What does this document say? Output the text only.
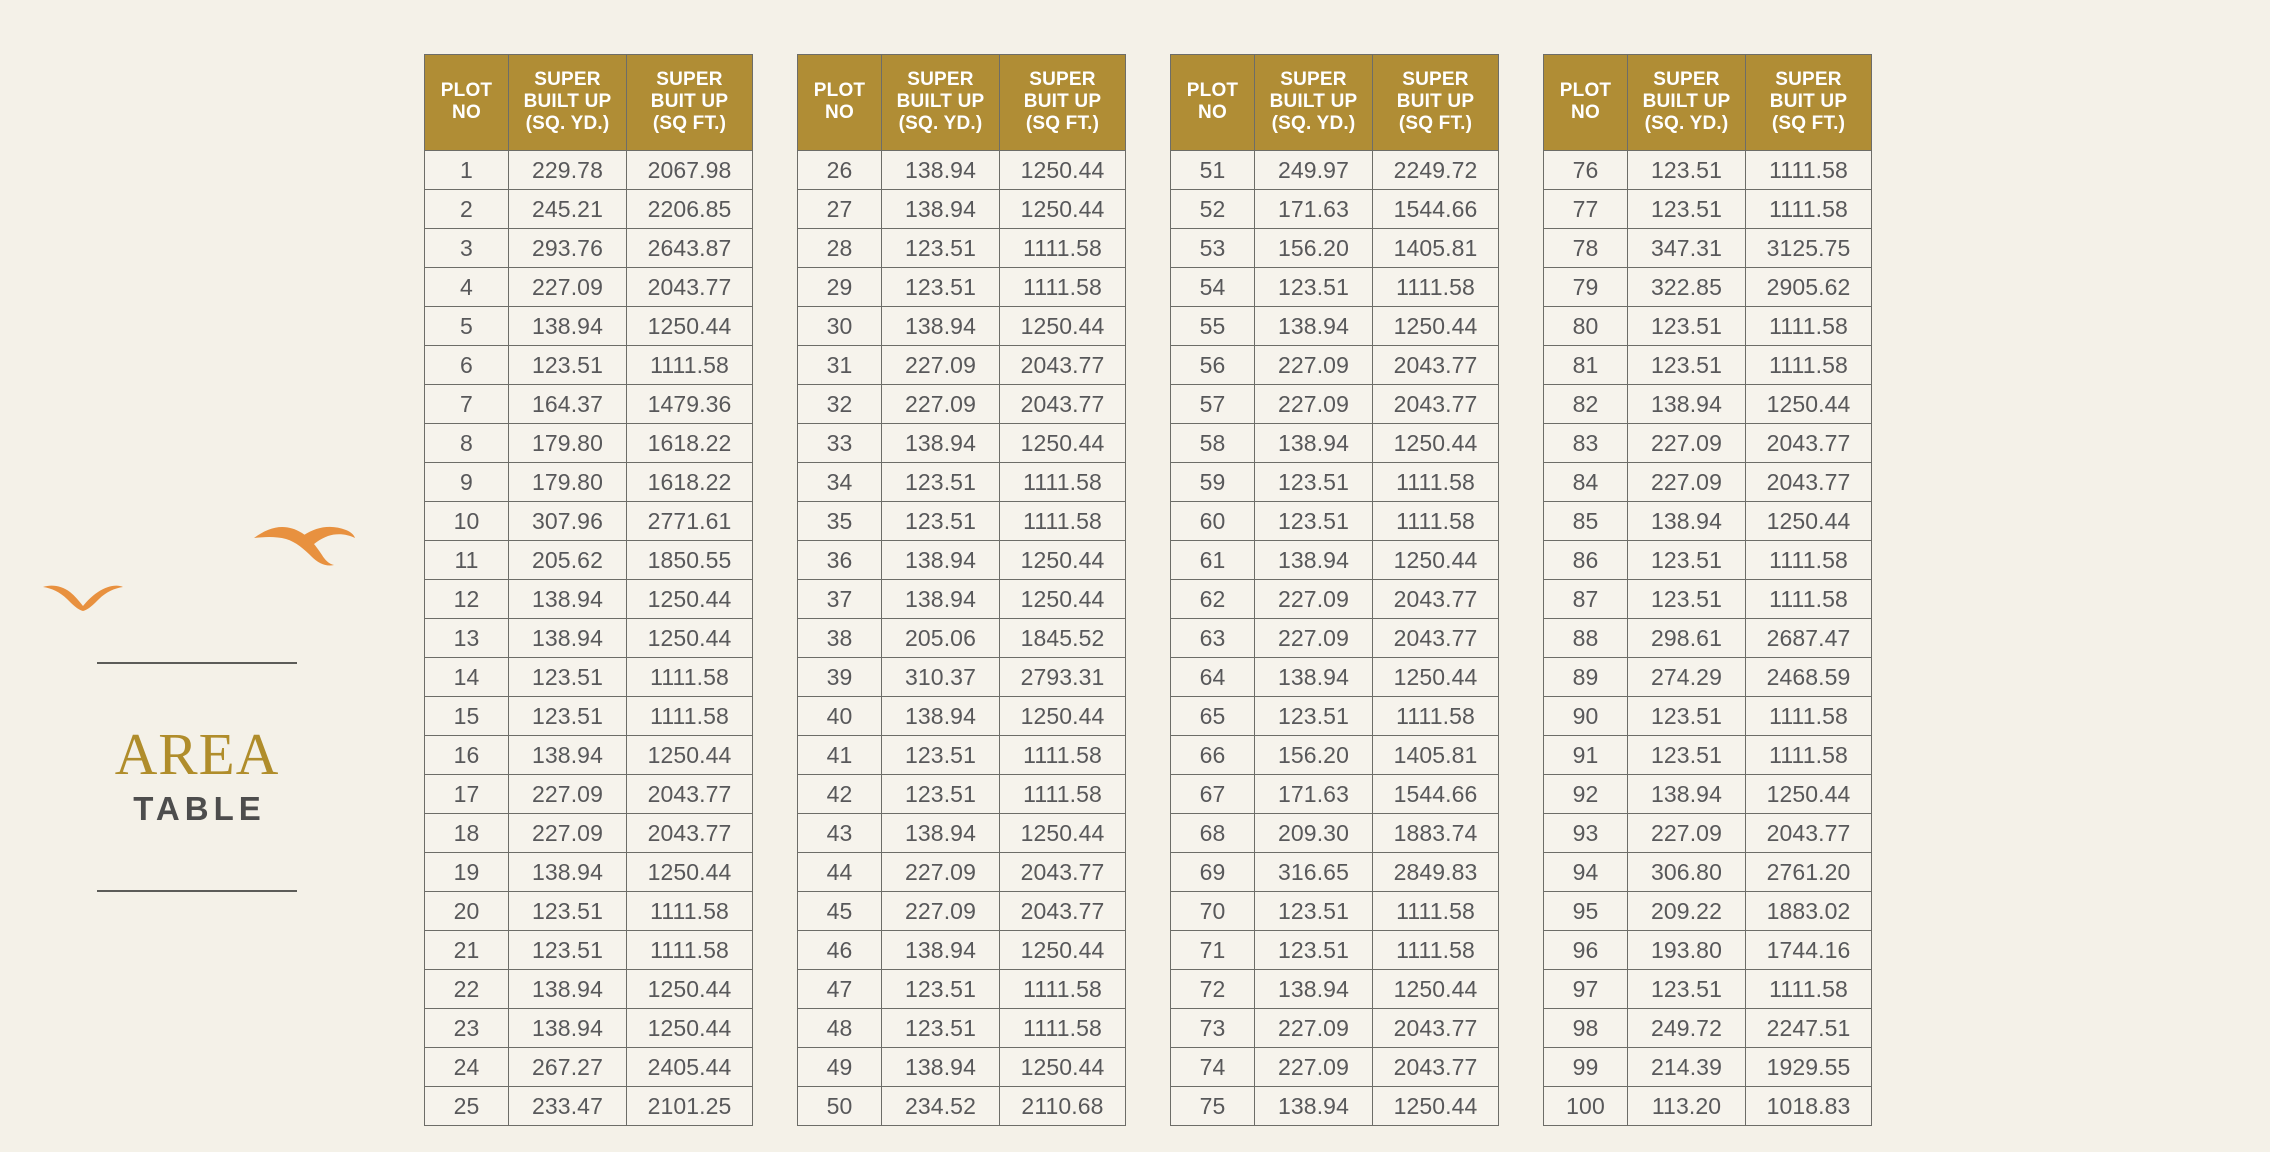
AREA
TABLE
PLOT
NO	SUPER
BUILT UP
(SQ. YD.)	SUPER
BUIT UP
(SQ FT.)

1	229.78	2067.98
2	245.21	2206.85
3	293.76	2643.87
4	227.09	2043.77
5	138.94	1250.44
6	123.51	1111.58
7	164.37	1479.36
8	179.80	1618.22
9	179.80	1618.22
10	307.96	2771.61
11	205.62	1850.55
12	138.94	1250.44
13	138.94	1250.44
14	123.51	1111.58
15	123.51	1111.58
16	138.94	1250.44
17	227.09	2043.77
18	227.09	2043.77
19	138.94	1250.44
20	123.51	1111.58
21	123.51	1111.58
22	138.94	1250.44
23	138.94	1250.44
24	267.27	2405.44
25	233.47	2101.25
PLOT
NO	SUPER
BUILT UP
(SQ. YD.)	SUPER
BUIT UP
(SQ FT.)

26	138.94	1250.44
27	138.94	1250.44
28	123.51	1111.58
29	123.51	1111.58
30	138.94	1250.44
31	227.09	2043.77
32	227.09	2043.77
33	138.94	1250.44
34	123.51	1111.58
35	123.51	1111.58
36	138.94	1250.44
37	138.94	1250.44
38	205.06	1845.52
39	310.37	2793.31
40	138.94	1250.44
41	123.51	1111.58
42	123.51	1111.58
43	138.94	1250.44
44	227.09	2043.77
45	227.09	2043.77
46	138.94	1250.44
47	123.51	1111.58
48	123.51	1111.58
49	138.94	1250.44
50	234.52	2110.68
PLOT
NO	SUPER
BUILT UP
(SQ. YD.)	SUPER
BUIT UP
(SQ FT.)

51	249.97	2249.72
52	171.63	1544.66
53	156.20	1405.81
54	123.51	1111.58
55	138.94	1250.44
56	227.09	2043.77
57	227.09	2043.77
58	138.94	1250.44
59	123.51	1111.58
60	123.51	1111.58
61	138.94	1250.44
62	227.09	2043.77
63	227.09	2043.77
64	138.94	1250.44
65	123.51	1111.58
66	156.20	1405.81
67	171.63	1544.66
68	209.30	1883.74
69	316.65	2849.83
70	123.51	1111.58
71	123.51	1111.58
72	138.94	1250.44
73	227.09	2043.77
74	227.09	2043.77
75	138.94	1250.44
PLOT
NO	SUPER
BUILT UP
(SQ. YD.)	SUPER
BUIT UP
(SQ FT.)

76	123.51	1111.58
77	123.51	1111.58
78	347.31	3125.75
79	322.85	2905.62
80	123.51	1111.58
81	123.51	1111.58
82	138.94	1250.44
83	227.09	2043.77
84	227.09	2043.77
85	138.94	1250.44
86	123.51	1111.58
87	123.51	1111.58
88	298.61	2687.47
89	274.29	2468.59
90	123.51	1111.58
91	123.51	1111.58
92	138.94	1250.44
93	227.09	2043.77
94	306.80	2761.20
95	209.22	1883.02
96	193.80	1744.16
97	123.51	1111.58
98	249.72	2247.51
99	214.39	1929.55
100	113.20	1018.83
